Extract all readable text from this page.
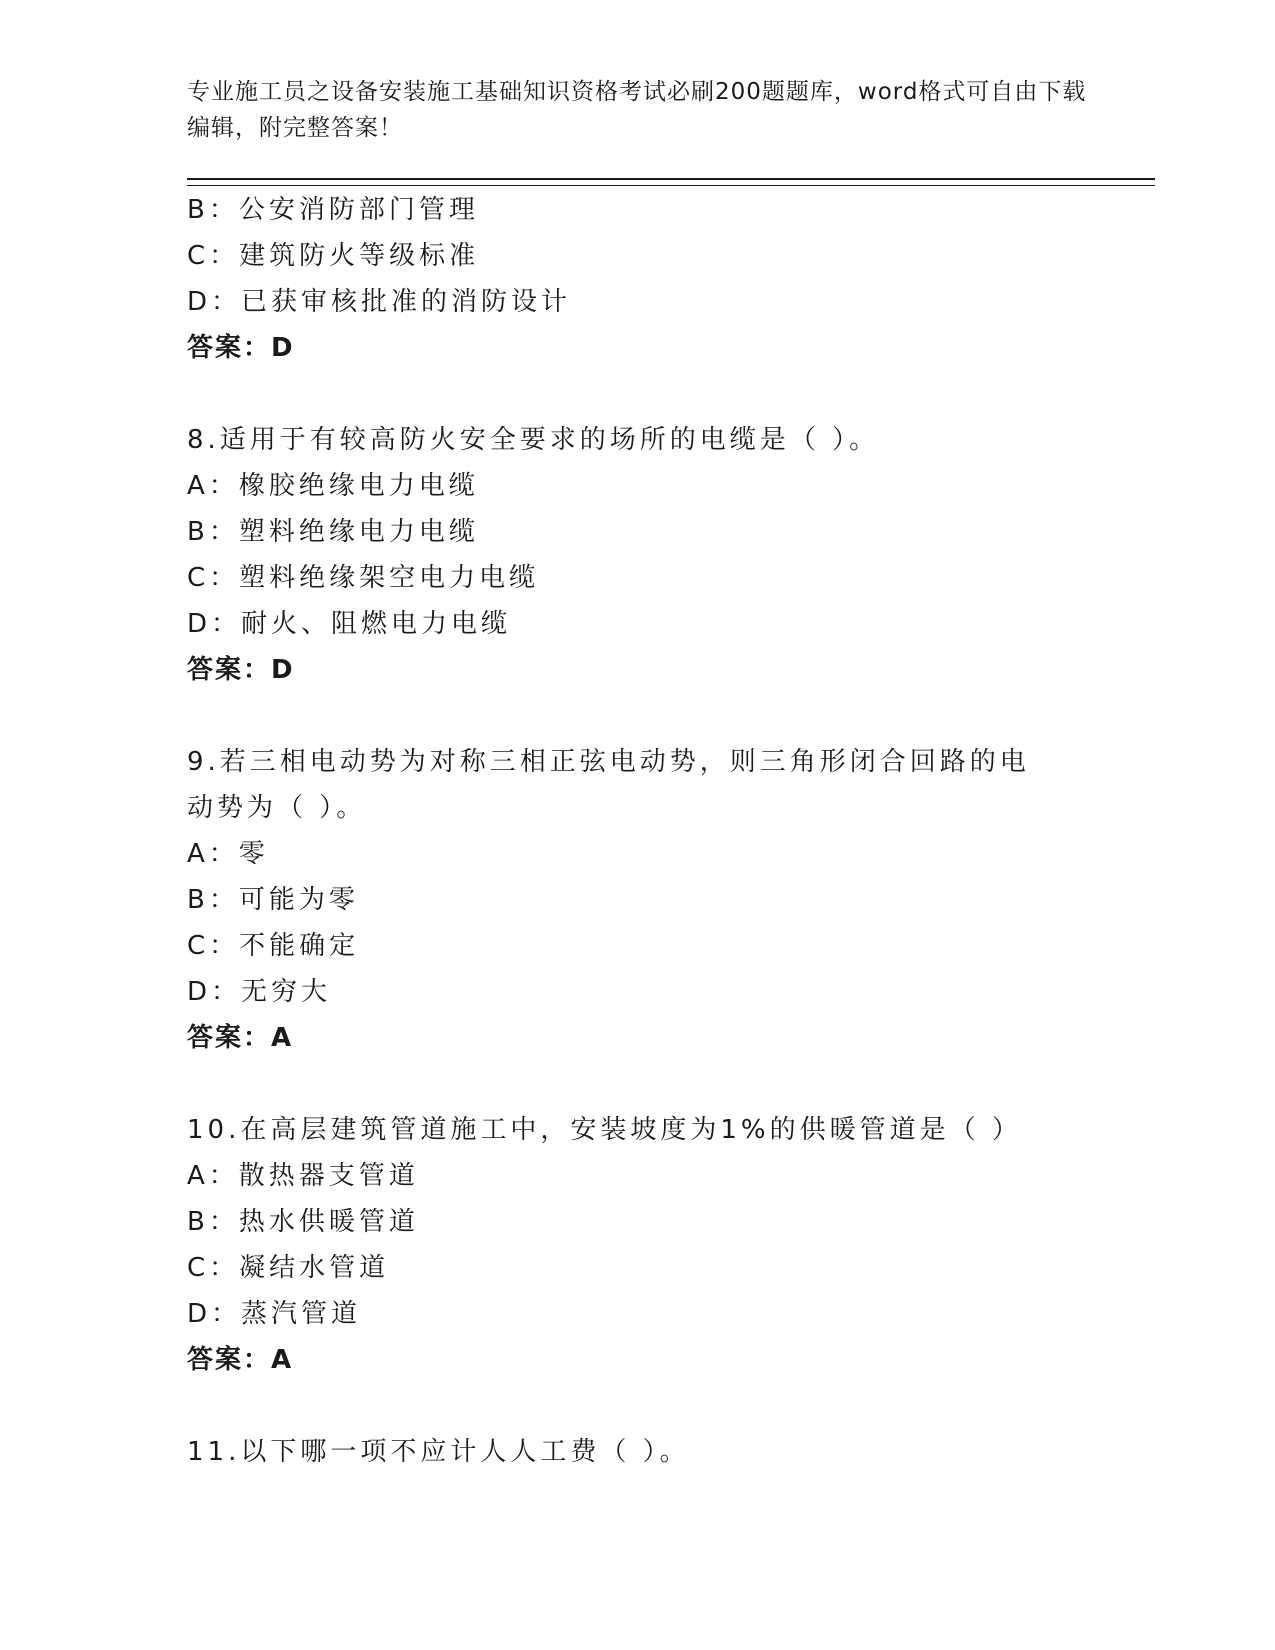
专业施工员之设备安装施工基础知识资格考试必刷200题题库，word格式可自由下载编辑，附完整答案！
B：公安消防部门管理
C：建筑防火等级标准
D：已获审核批准的消防设计
答案：D
8.适用于有较高防火安全要求的场所的电缆是（ ）。
A：橡胶绝缘电力电缆
B：塑料绝缘电力电缆
C：塑料绝缘架空电力电缆
D：耐火、阻燃电力电缆
答案：D
9.若三相电动势为对称三相正弦电动势，则三角形闭合回路的电动势为（ ）。
A：零
B：可能为零
C：不能确定
D：无穷大
答案：A
10.在高层建筑管道施工中，安装坡度为1%的供暖管道是（ ）
A：散热器支管道
B：热水供暖管道
C：凝结水管道
D：蒸汽管道
答案：A
11.以下哪一项不应计人人工费（ ）。
